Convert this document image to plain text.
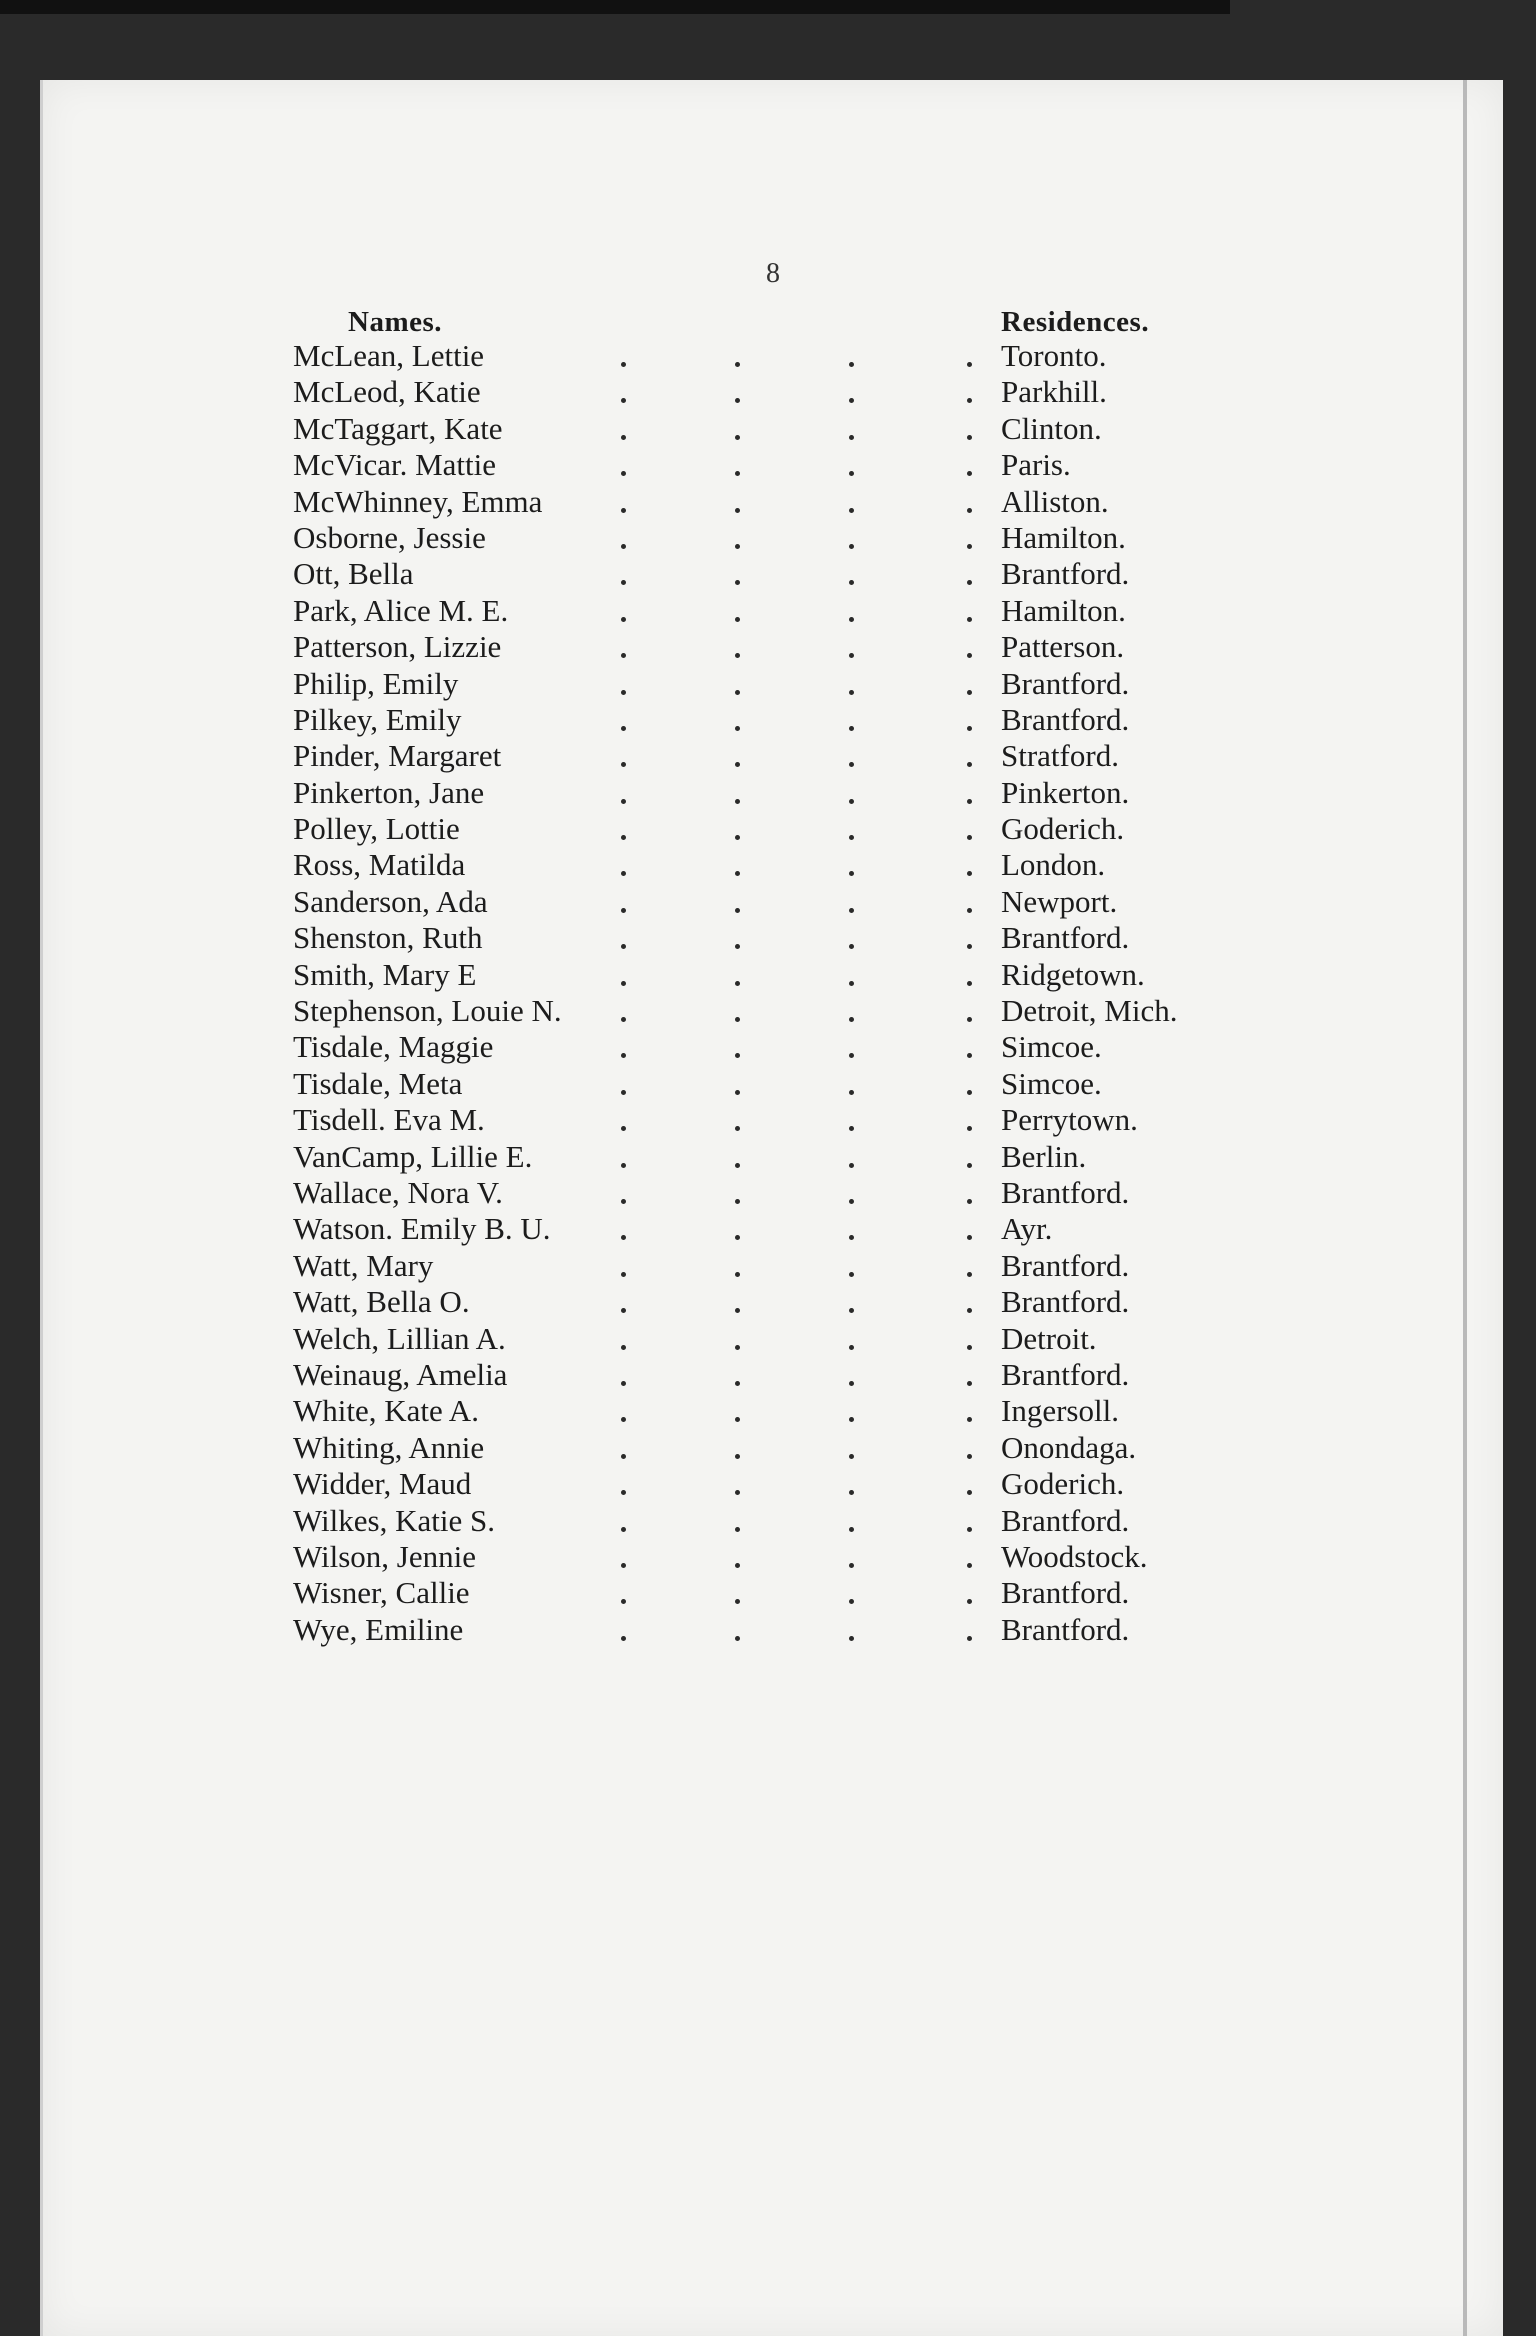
8
Names.	Residences.
McLean, Lettie	Toronto.
McLeod, Katie	Parkhill.
McTaggart, Kate	Clinton.
McVicar. Mattie	Paris.
McWhinney, Emma	Alliston.
Osborne, Jessie	Hamilton.
Ott, Bella	Brantford.
Park, Alice M. E.	Hamilton.
Patterson, Lizzie	Patterson.
Philip, Emily	Brantford.
Pilkey, Emily	Brantford.
Pinder, Margaret	Stratford.
Pinkerton, Jane	Pinkerton.
Polley, Lottie	Goderich.
Ross, Matilda	London.
Sanderson, Ada	Newport.
Shenston, Ruth	Brantford.
Smith, Mary E	Ridgetown.
Stephenson, Louie N.	Detroit, Mich.
Tisdale, Maggie	Simcoe.
Tisdale, Meta	Simcoe.
Tisdell. Eva M.	Perrytown.
VanCamp, Lillie E.	Berlin.
Wallace, Nora V.	Brantford.
Watson. Emily B. U.	Ayr.
Watt, Mary	Brantford.
Watt, Bella O.	Brantford.
Welch, Lillian A.	Detroit.
Weinaug, Amelia	Brantford.
White, Kate A.	Ingersoll.
Whiting, Annie	Onondaga.
Widder, Maud	Goderich.
Wilkes, Katie S.	Brantford.
Wilson, Jennie	Woodstock.
Wisner, Callie	Brantford.
Wye, Emiline	Brantford.
